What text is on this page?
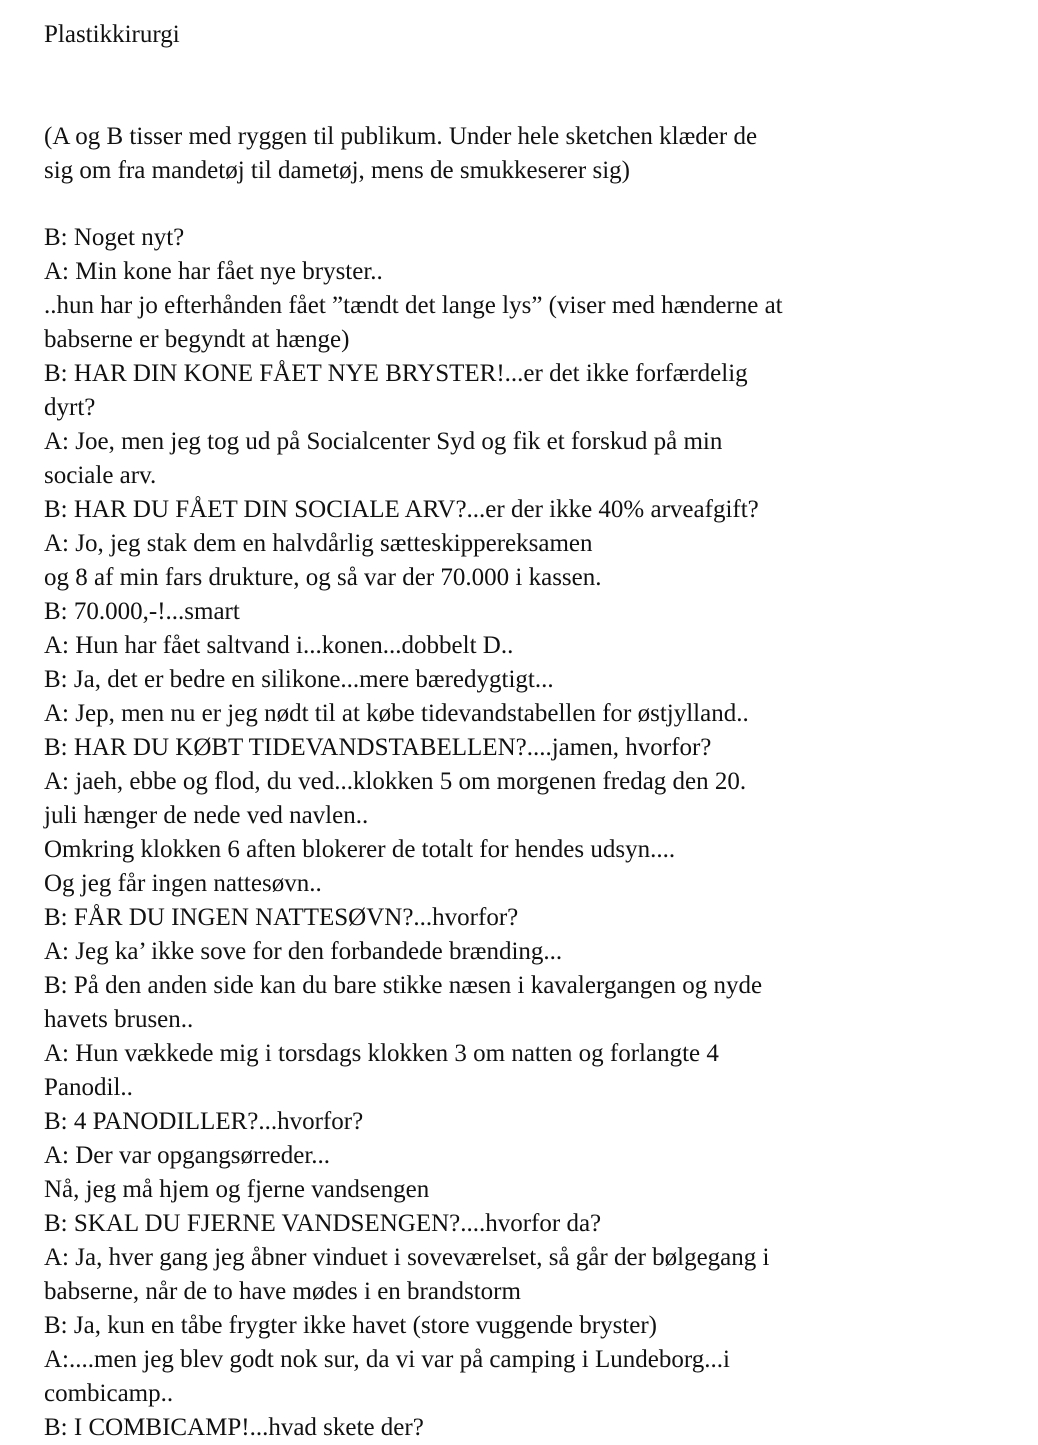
Plastikkirurgi

(A og B tisser med ryggen til publikum. Under hele sketchen klæder de

sig om fra mandetøj til dametøj, mens de smukkeserer sig)

B: Noget nyt?

A: Min kone har fået nye bryster..

..hun har jo efterhånden fået ”tændt det lange lys” (viser med hænderne at

babserne er begyndt at hænge)

B: HAR DIN KONE FÅET NYE BRYSTER!...er det ikke forfærdelig

dyrt?

A: Joe, men jeg tog ud på Socialcenter Syd og fik et forskud på min

sociale arv.

B: HAR DU FÅET DIN SOCIALE ARV?...er der ikke 40% arveafgift?

A: Jo, jeg stak dem en halvdårlig sætteskippereksamen

og 8 af min fars drukture, og så var der 70.000 i kassen.

B: 70.000,-!...smart

A: Hun har fået saltvand i...konen...dobbelt D..

B: Ja, det er bedre en silikone...mere bæredygtigt...

A: Jep, men nu er jeg nødt til at købe tidevandstabellen for østjylland..

B: HAR DU KØBT TIDEVANDSTABELLEN?....jamen, hvorfor?

A: jaeh, ebbe og flod, du ved...klokken 5 om morgenen fredag den 20.

juli hænger de nede ved navlen..

Omkring klokken 6 aften blokerer de totalt for hendes udsyn....

Og jeg får ingen nattesøvn..

B: FÅR DU INGEN NATTESØVN?...hvorfor?

A: Jeg ka’ ikke sove for den forbandede brænding...

B: På den anden side kan du bare stikke næsen i kavalergangen og nyde

havets brusen..

A: Hun vækkede mig i torsdags klokken 3 om natten og forlangte 4

Panodil..

B: 4 PANODILLER?...hvorfor?

A: Der var opgangsørreder...

Nå, jeg må hjem og fjerne vandsengen

B: SKAL DU FJERNE VANDSENGEN?....hvorfor da?

A: Ja, hver gang jeg åbner vinduet i soveværelset, så går der bølgegang i

babserne, når de to have mødes i en brandstorm

B: Ja, kun en tåbe frygter ikke havet (store vuggende bryster)

A:....men jeg blev godt nok sur, da vi var på camping i Lundeborg...i

combicamp..

B: I COMBICAMP!...hvad skete der?
